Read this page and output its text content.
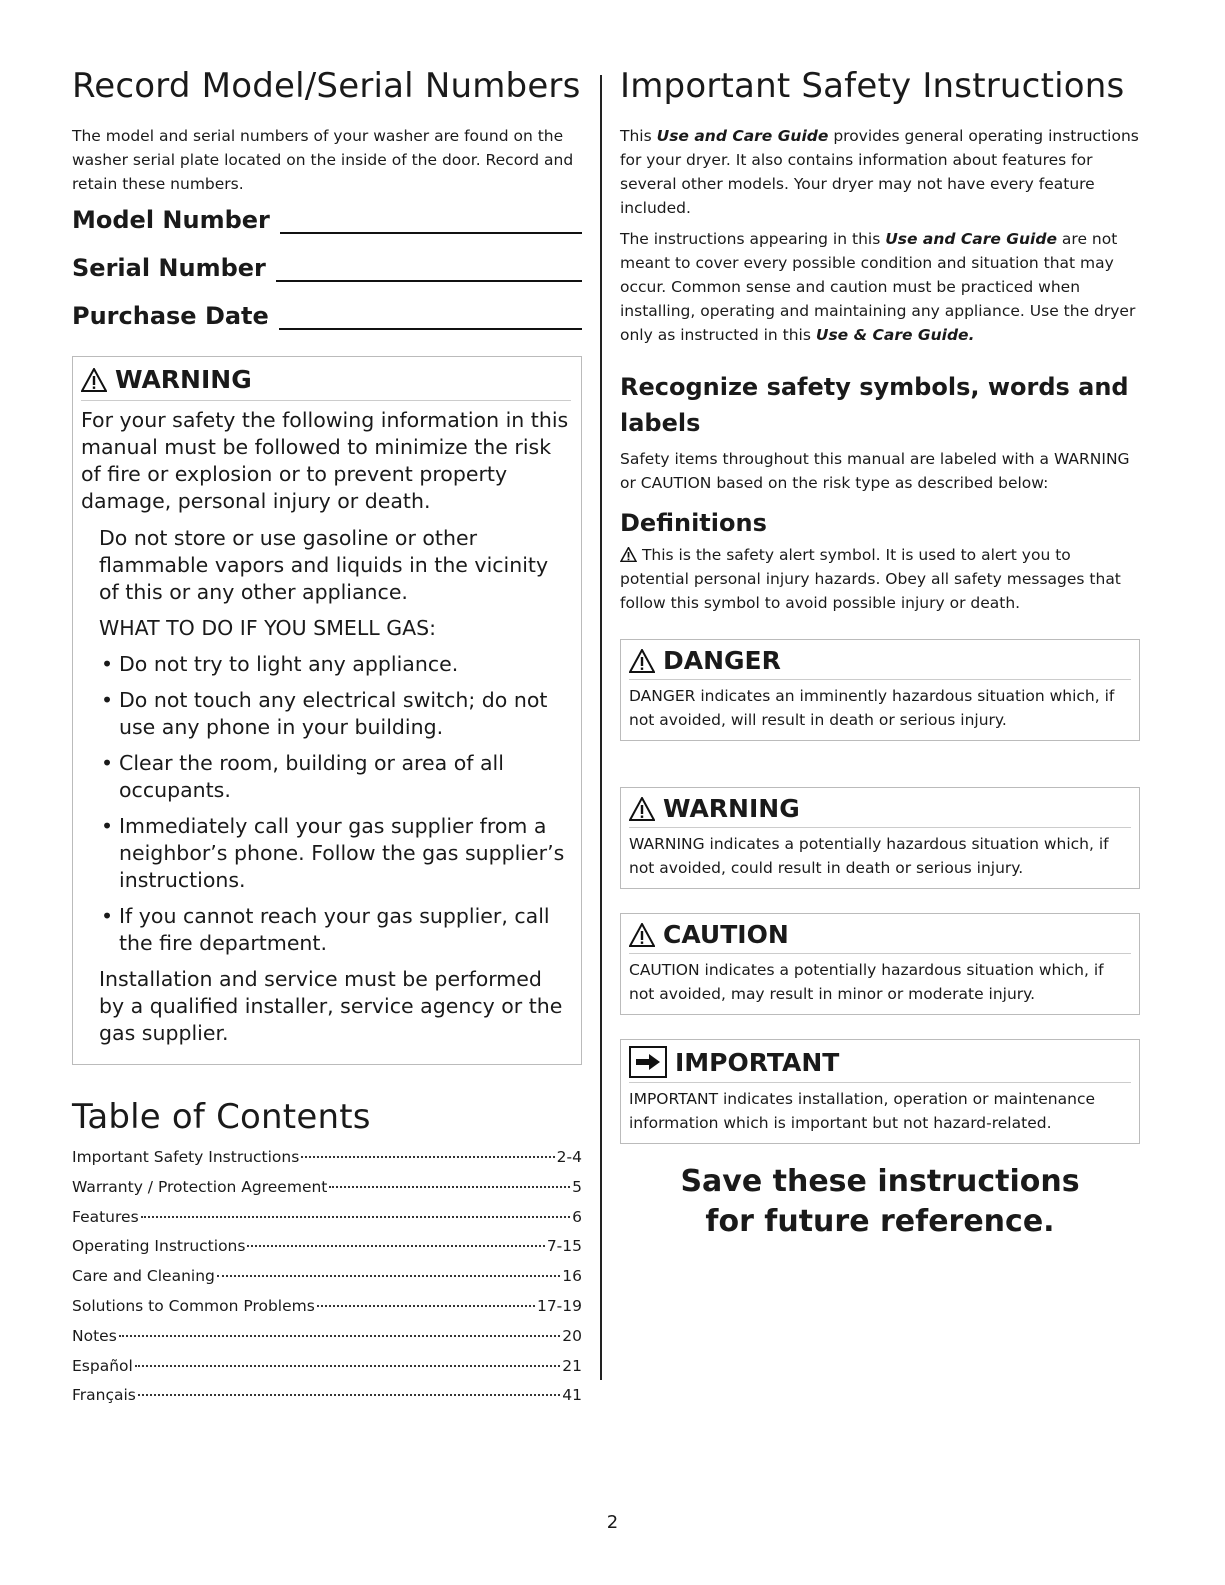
Record Model/Serial Numbers

The model and serial numbers of your washer are found on the washer serial plate located on the inside of the door. Record and retain these numbers.

Model Number
Serial Number
Purchase Date
WARNING

For your safety the following information in this manual must be followed to minimize the risk of fire or explosion or to prevent property damage, personal injury or death.

Do not store or use gasoline or other flammable vapors and liquids in the vicinity of this or any other appliance.

WHAT TO DO IF YOU SMELL GAS:

• Do not try to light any appliance.
• Do not touch any electrical switch; do not use any phone in your building.
• Clear the room, building or area of all occupants.
• Immediately call your gas supplier from a neighbor’s phone. Follow the gas supplier’s instructions.
• If you cannot reach your gas supplier, call the fire department.

Installation and service must be performed by a qualified installer, service agency or the gas supplier.

Table of Contents
Important Safety Instructions	2-4
Warranty / Protection Agreement	5
Features	6
Operating Instructions	7-15
Care and Cleaning	16
Solutions to Common Problems	17-19
Notes	20
Español	21
Français	41
Important Safety Instructions

This Use and Care Guide provides general operating instructions for your dryer. It also contains information about features for several other models. Your dryer may not have every feature included.

The instructions appearing in this Use and Care Guide are not meant to cover every possible condition and situation that may occur. Common sense and caution must be practiced when installing, operating and maintaining any appliance. Use the dryer only as instructed in this Use & Care Guide.

Recognize safety symbols, words and labels

Safety items throughout this manual are labeled with a WARNING or CAUTION based on the risk type as described below:

Definitions

This is the safety alert symbol. It is used to alert you to potential personal injury hazards. Obey all safety messages that follow this symbol to avoid possible injury or death.

DANGER
DANGER indicates an imminently hazardous situation which, if not avoided, will result in death or serious injury.
WARNING
WARNING indicates a potentially hazardous situation which, if not avoided, could result in death or serious injury.
CAUTION
CAUTION indicates a potentially hazardous situation which, if not avoided, may result in minor or moderate injury.
IMPORTANT
IMPORTANT indicates installation, operation or maintenance information which is important but not hazard-related.
Save these instructions
for future reference.
2
